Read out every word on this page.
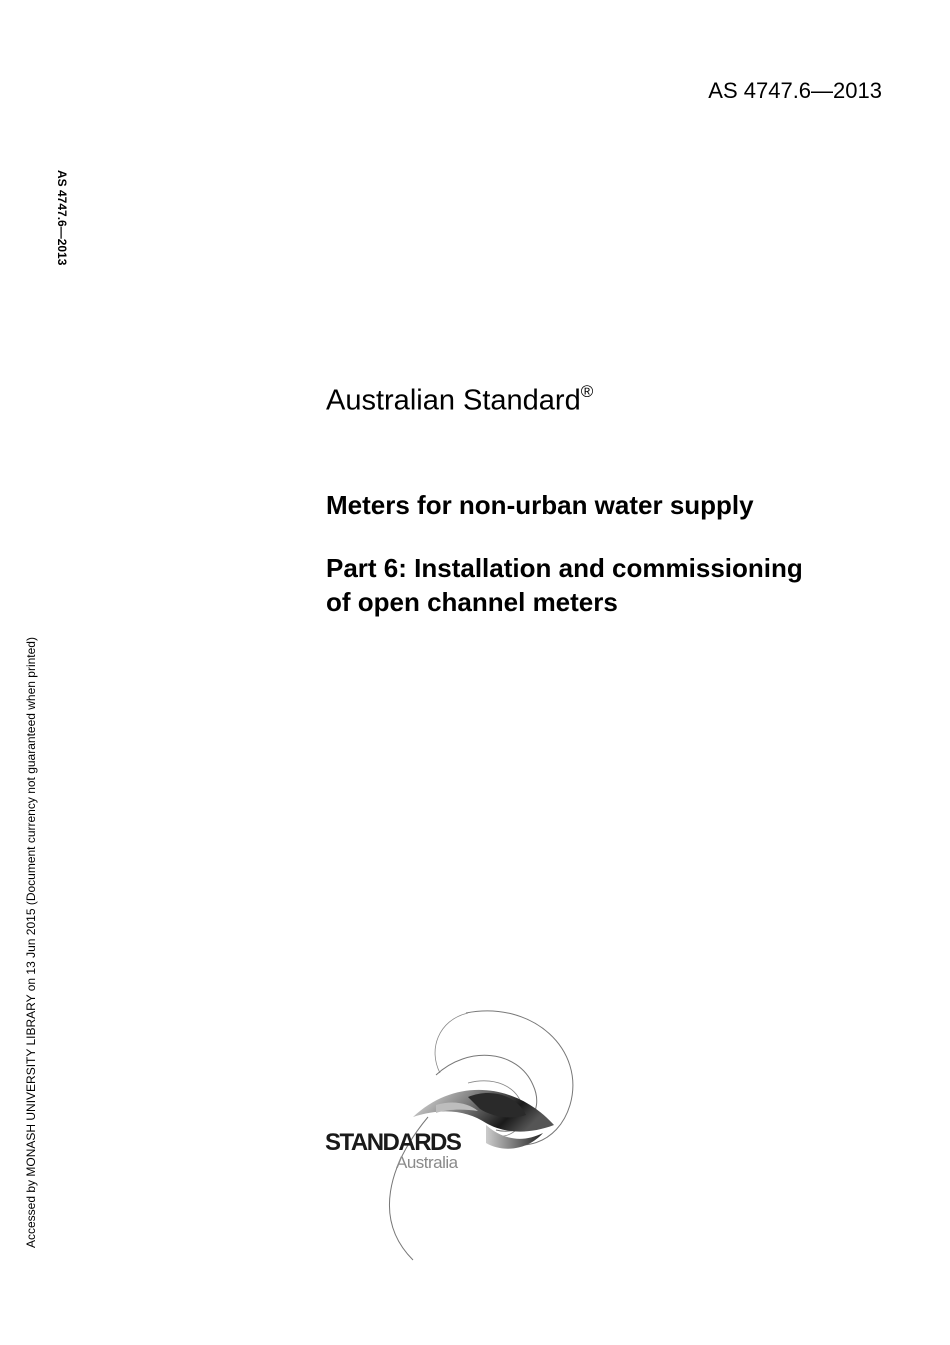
AS 4747.6—2013
AS 4747.6—2013
Accessed by MONASH UNIVERSITY LIBRARY on 13 Jun 2015 (Document currency not guaranteed when printed)
Australian Standard®
Meters for non-urban water supply
Part 6: Installation and commissioning
of open channel meters
STANDARDS
Australia
